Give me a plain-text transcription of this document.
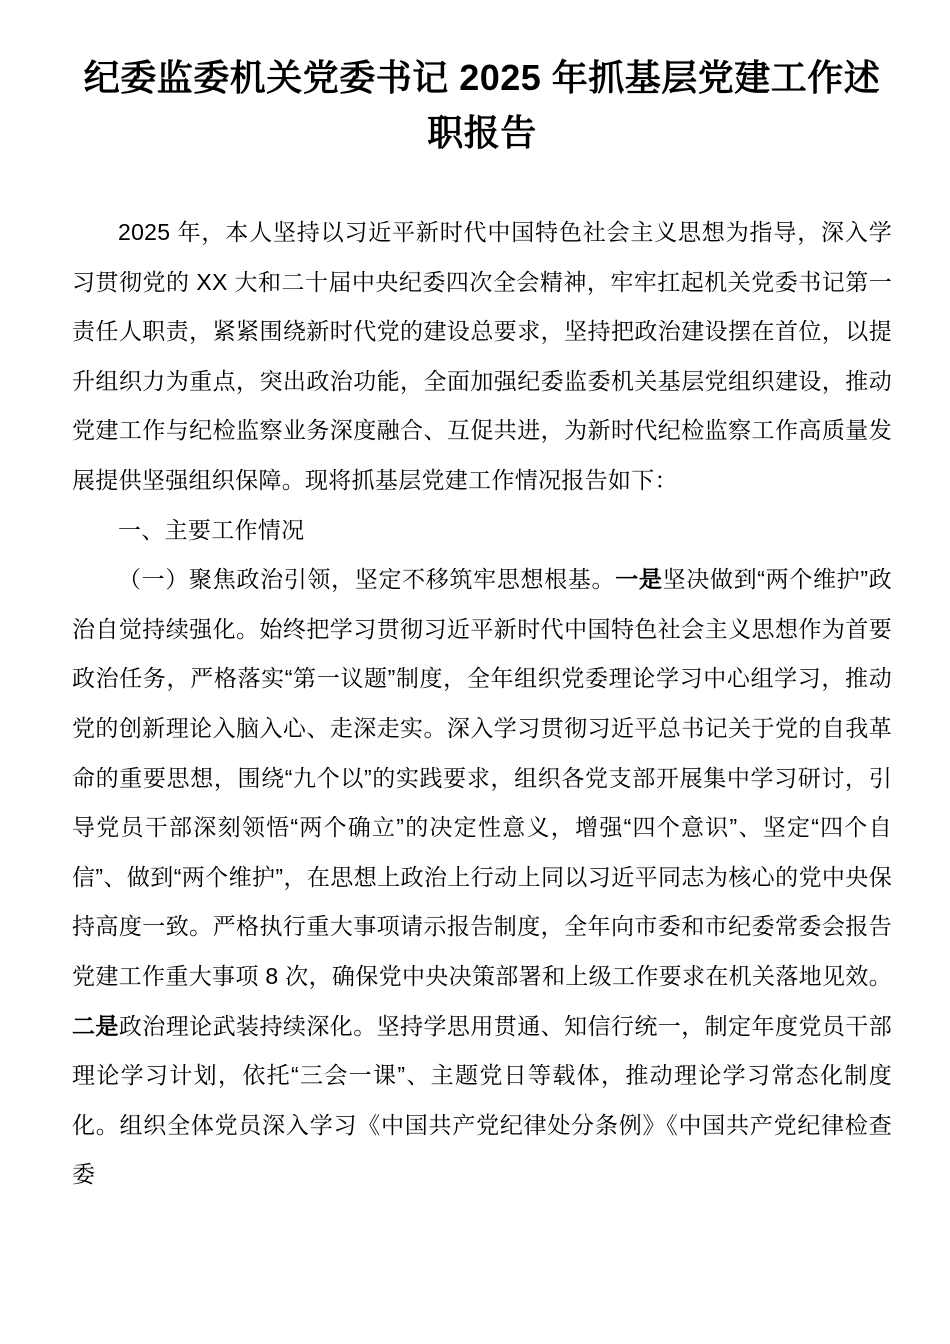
纪委监委机关党委书记 2025 年抓基层党建工作述职报告

2025 年，本人坚持以习近平新时代中国特色社会主义思想为指导，深入学习贯彻党的 XX 大和二十届中央纪委四次全会精神，牢牢扛起机关党委书记第一责任人职责，紧紧围绕新时代党的建设总要求，坚持把政治建设摆在首位，以提升组织力为重点，突出政治功能，全面加强纪委监委机关基层党组织建设，推动党建工作与纪检监察业务深度融合、互促共进，为新时代纪检监察工作高质量发展提供坚强组织保障。现将抓基层党建工作情况报告如下：

一、主要工作情况

（一）聚焦政治引领，坚定不移筑牢思想根基。一是坚决做到“两个维护”政治自觉持续强化。始终把学习贯彻习近平新时代中国特色社会主义思想作为首要政治任务，严格落实“第一议题”制度，全年组织党委理论学习中心组学习，推动党的创新理论入脑入心、走深走实。深入学习贯彻习近平总书记关于党的自我革命的重要思想，围绕“九个以”的实践要求，组织各党支部开展集中学习研讨，引导党员干部深刻领悟“两个确立”的决定性意义，增强“四个意识”、坚定“四个自信”、做到“两个维护”，在思想上政治上行动上同以习近平同志为核心的党中央保持高度一致。严格执行重大事项请示报告制度，全年向市委和市纪委常委会报告党建工作重大事项 8 次，确保党中央决策部署和上级工作要求在机关落地见效。二是政治理论武装持续深化。坚持学思用贯通、知信行统一，制定年度党员干部理论学习计划，依托“三会一课”、主题党日等载体，推动理论学习常态化制度化。组织全体党员深入学习《中国共产党纪律处分条例》《中国共产党纪律检查委
